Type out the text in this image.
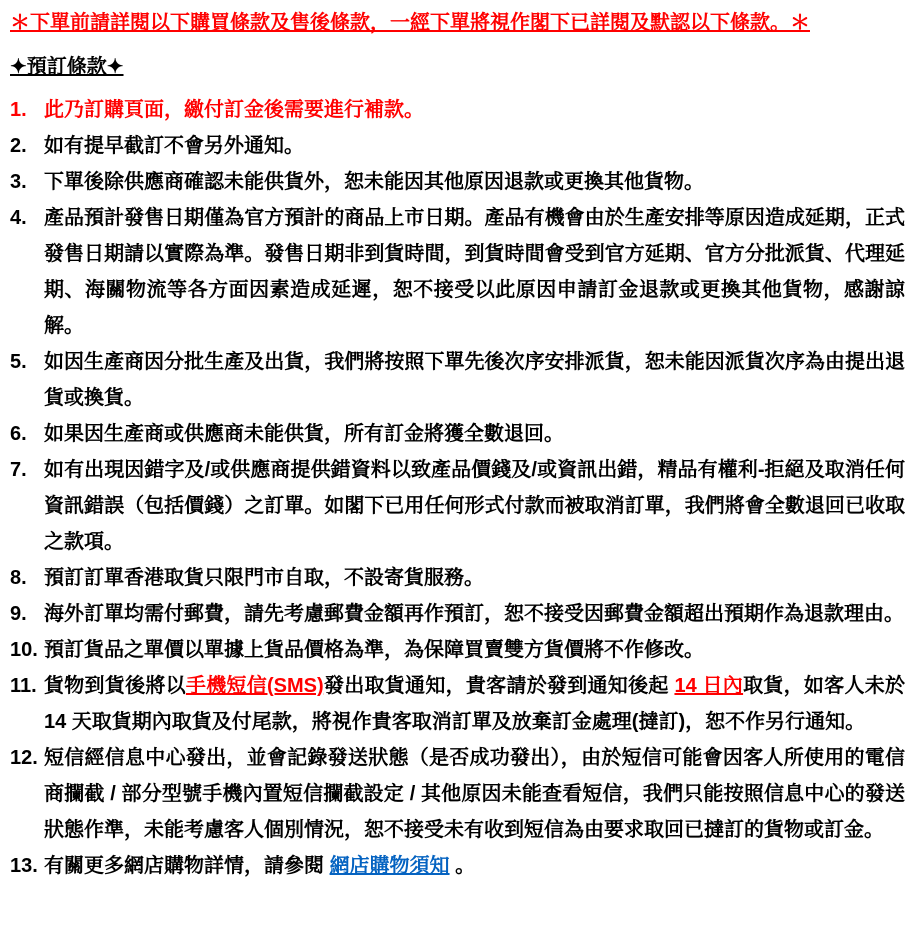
＊下單前請詳閱以下購買條款及售後條款，一經下單將視作閣下已詳閱及默認以下條款。＊
✦預訂條款✦
1. 此乃訂購頁面，繳付訂金後需要進行補款。
2. 如有提早截訂不會另外通知。
3. 下單後除供應商確認未能供貨外，恕未能因其他原因退款或更換其他貨物。
4. 產品預計發售日期僅為官方預計的商品上市日期。產品有機會由於生產安排等原因造成延期，正式發售日期請以實際為準。發售日期非到貨時間，到貨時間會受到官方延期、官方分批派貨、代理延期、海關物流等各方面因素造成延遲，恕不接受以此原因申請訂金退款或更換其他貨物，感謝諒解。
5. 如因生產商因分批生產及出貨，我們將按照下單先後次序安排派貨，恕未能因派貨次序為由提出退貨或換貨。
6. 如果因生產商或供應商未能供貨，所有訂金將獲全數退回。
7. 如有出現因錯字及/或供應商提供錯資料以致產品價錢及/或資訊出錯，精品有權利-拒絕及取消任何資訊錯誤（包括價錢）之訂單。如閣下已用任何形式付款而被取消訂單，我們將會全數退回已收取之款項。
8. 預訂訂單香港取貨只限門市自取，不設寄貨服務。
9. 海外訂單均需付郵費，請先考慮郵費金額再作預訂，恕不接受因郵費金額超出預期作為退款理由。
10. 預訂貨品之單價以單據上貨品價格為準，為保障買賣雙方貨價將不作修改。
11. 貨物到貨後將以手機短信(SMS)發出取貨通知，貴客請於發到通知後起 14 日內取貨，如客人未於 14 天取貨期內取貨及付尾款，將視作貴客取消訂單及放棄訂金處理(撻訂)，恕不作另行通知。
12. 短信經信息中心發出，並會記錄發送狀態（是否成功發出），由於短信可能會因客人所使用的電信商攔截 / 部分型號手機內置短信攔截設定 / 其他原因未能查看短信，我們只能按照信息中心的發送狀態作準，未能考慮客人個別情況，恕不接受未有收到短信為由要求取回已撻訂的貨物或訂金。
13. 有關更多網店購物詳情，請參閱 網店購物須知 。
